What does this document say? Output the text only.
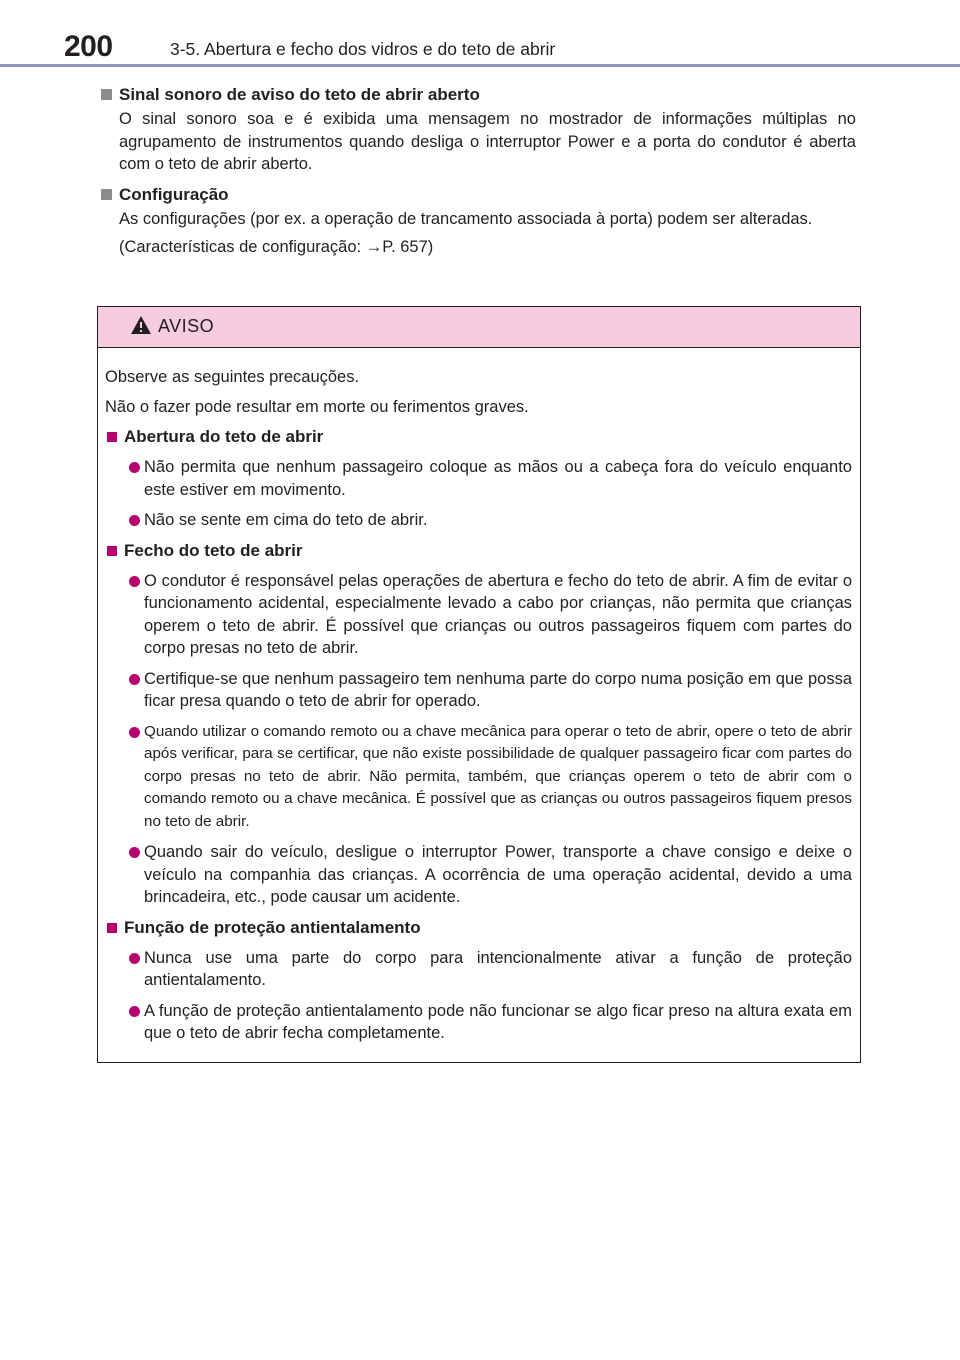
200	3-5. Abertura e fecho dos vidros e do teto de abrir
Sinal sonoro de aviso do teto de abrir aberto
O sinal sonoro soa e é exibida uma mensagem no mostrador de informações múltiplas no agrupamento de instrumentos quando desliga o interruptor Power e a porta do condutor é aberta com o teto de abrir aberto.
Configuração
As configurações (por ex. a operação de trancamento associada à porta) podem ser alteradas.
(Características de configuração: →P. 657)
AVISO
Observe as seguintes precauções.
Não o fazer pode resultar em morte ou ferimentos graves.
Abertura do teto de abrir
Não permita que nenhum passageiro coloque as mãos ou a cabeça fora do veículo enquanto este estiver em movimento.
Não se sente em cima do teto de abrir.
Fecho do teto de abrir
O condutor é responsável pelas operações de abertura e fecho do teto de abrir. A fim de evitar o funcionamento acidental, especialmente levado a cabo por crianças, não permita que crianças operem o teto de abrir. É possível que crianças ou outros passageiros fiquem com partes do corpo presas no teto de abrir.
Certifique-se que nenhum passageiro tem nenhuma parte do corpo numa posição em que possa ficar presa quando o teto de abrir for operado.
Quando utilizar o comando remoto ou a chave mecânica para operar o teto de abrir, opere o teto de abrir após verificar, para se certificar, que não existe possibilidade de qualquer passageiro ficar com partes do corpo presas no teto de abrir. Não permita, também, que crianças operem o teto de abrir com o comando remoto ou a chave mecânica. É possível que as crianças ou outros passageiros fiquem presos no teto de abrir.
Quando sair do veículo, desligue o interruptor Power, transporte a chave consigo e deixe o veículo na companhia das crianças. A ocorrência de uma operação acidental, devido a uma brincadeira, etc., pode causar um acidente.
Função de proteção antientalamento
Nunca use uma parte do corpo para intencionalmente ativar a função de proteção antientalamento.
A função de proteção antientalamento pode não funcionar se algo ficar preso na altura exata em que o teto de abrir fecha completamente.
